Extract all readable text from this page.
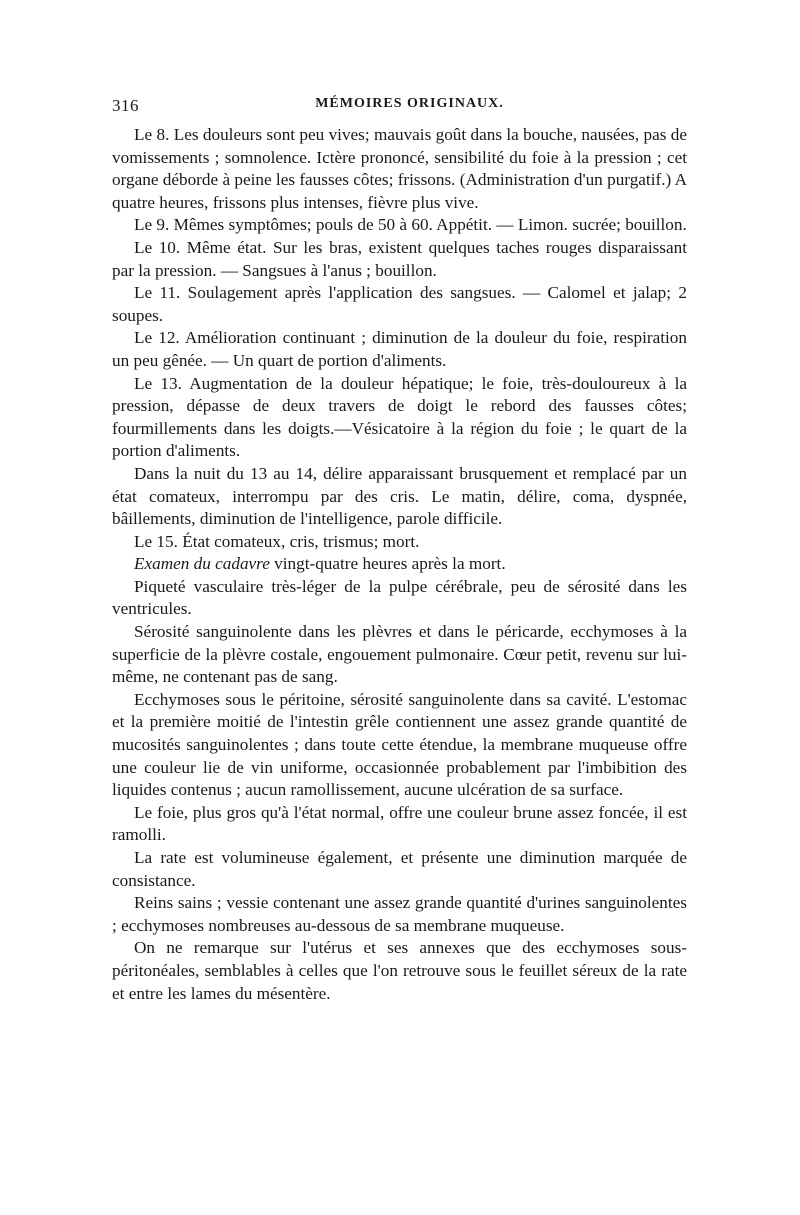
316	MÉMOIRES ORIGINAUX.

Le 8. Les douleurs sont peu vives; mauvais goût dans la bouche, nausées, pas de vomissements ; somnolence. Ictère prononcé, sensibilité du foie à la pression ; cet organe déborde à peine les fausses côtes; frissons. (Administration d'un purgatif.) A quatre heures, frissons plus intenses, fièvre plus vive.

Le 9. Mêmes symptômes; pouls de 50 à 60. Appétit. — Limon. sucrée; bouillon.

Le 10. Même état. Sur les bras, existent quelques taches rouges disparaissant par la pression. — Sangsues à l'anus ; bouillon.

Le 11. Soulagement après l'application des sangsues. — Calomel et jalap; 2 soupes.

Le 12. Amélioration continuant ; diminution de la douleur du foie, respiration un peu gênée. — Un quart de portion d'aliments.

Le 13. Augmentation de la douleur hépatique; le foie, très-douloureux à la pression, dépasse de deux travers de doigt le rebord des fausses côtes; fourmillements dans les doigts.—Vésicatoire à la région du foie ; le quart de la portion d'aliments.

Dans la nuit du 13 au 14, délire apparaissant brusquement et remplacé par un état comateux, interrompu par des cris. Le matin, délire, coma, dyspnée, bâillements, diminution de l'intelligence, parole difficile.

Le 15. État comateux, cris, trismus; mort.

Examen du cadavre vingt-quatre heures après la mort.

Piqueté vasculaire très-léger de la pulpe cérébrale, peu de sérosité dans les ventricules.

Sérosité sanguinolente dans les plèvres et dans le péricarde, ecchymoses à la superficie de la plèvre costale, engouement pulmonaire. Cœur petit, revenu sur lui-même, ne contenant pas de sang.

Ecchymoses sous le péritoine, sérosité sanguinolente dans sa cavité. L'estomac et la première moitié de l'intestin grêle contiennent une assez grande quantité de mucosités sanguinolentes ; dans toute cette étendue, la membrane muqueuse offre une couleur lie de vin uniforme, occasionnée probablement par l'imbibition des liquides contenus ; aucun ramollissement, aucune ulcération de sa surface.

Le foie, plus gros qu'à l'état normal, offre une couleur brune assez foncée, il est ramolli.

La rate est volumineuse également, et présente une diminution marquée de consistance.

Reins sains ; vessie contenant une assez grande quantité d'urines sanguinolentes ; ecchymoses nombreuses au-dessous de sa membrane muqueuse.

On ne remarque sur l'utérus et ses annexes que des ecchymoses sous-péritonéales, semblables à celles que l'on retrouve sous le feuillet séreux de la rate et entre les lames du mésentère.
